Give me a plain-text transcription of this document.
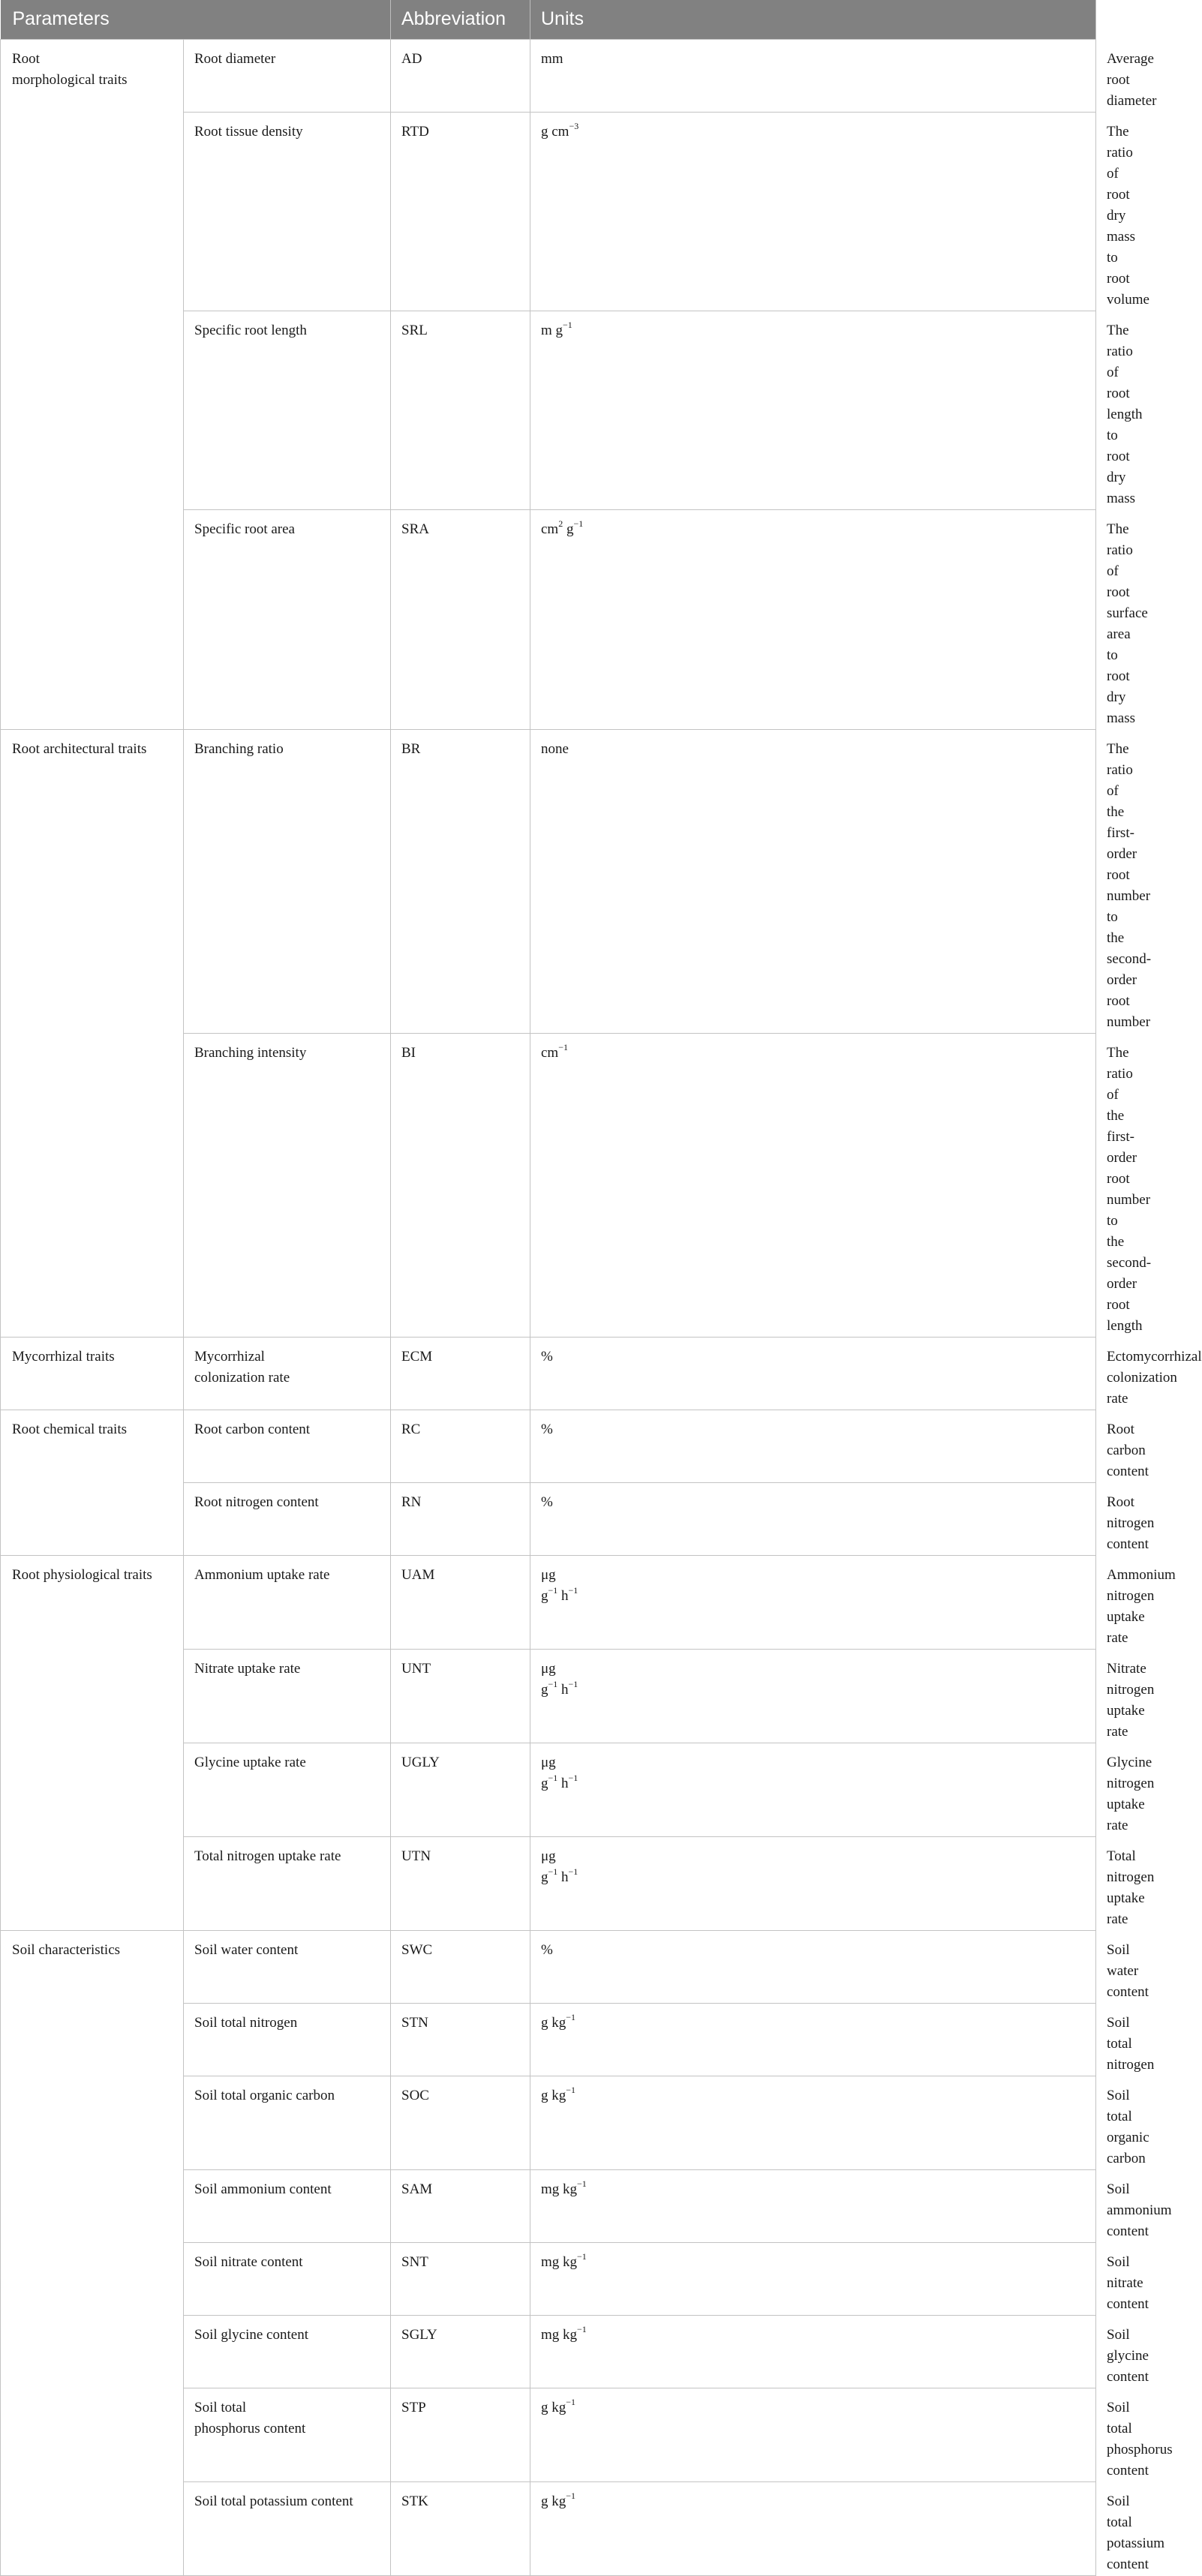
Parameters		Abbreviation	Units	Description

Root
morphological traits	Root diameter	AD	mm	Average root diameter
	Root tissue density	RTD	g $cm^{-3}$	The ratio of root dry mass to root volume
	Specific root length	SRL	m $g^{-1}$	The ratio of root length to root dry mass
	Specific root area	SRA	$cm^2$ $g^{-1}$	The ratio of root surface area to root dry mass

Root architectural traits	Branching ratio	BR	none	The ratio of the first-order root number to the second-order
root number

	Branching intensity	BI	$cm^{-1}$	The ratio of the first-order root number to the second-order root length

Mycorrhizal traits	Mycorrhizal
colonization rate	ECM	%	Ectomycorrhizal colonization rate

Root chemical traits	Root carbon content	RC	%	Root carbon content
	Root nitrogen content	RN	%	Root nitrogen content

Root physiological traits	Ammonium uptake rate	UAM	μg
$g^{-1}$ $h^{-1}$	Ammonium nitrogen uptake rate
	Nitrate uptake rate	UNT	μg
$g^{-1}$ $h^{-1}$	Nitrate nitrogen uptake rate
	Glycine uptake rate	UGLY	μg
$g^{-1}$ $h^{-1}$	Glycine nitrogen uptake rate
	Total nitrogen uptake rate	UTN	μg
$g^{-1}$ $h^{-1}$	Total nitrogen uptake rate

Soil characteristics	Soil water content	SWC	%	Soil water content
	Soil total nitrogen	STN	g $kg^{-1}$	Soil total nitrogen
	Soil total organic carbon	SOC	g $kg^{-1}$	Soil total organic carbon
	Soil ammonium content	SAM	mg $kg^{-1}$	Soil ammonium content
	Soil nitrate content	SNT	mg $kg^{-1}$	Soil nitrate content
	Soil glycine content	SGLY	mg $kg^{-1}$	Soil glycine content

	Soil total
phosphorus content	STP	g $kg^{-1}$	Soil total phosphorus content
	Soil total potassium content	STK	g $kg^{-1}$	Soil total potassium content
